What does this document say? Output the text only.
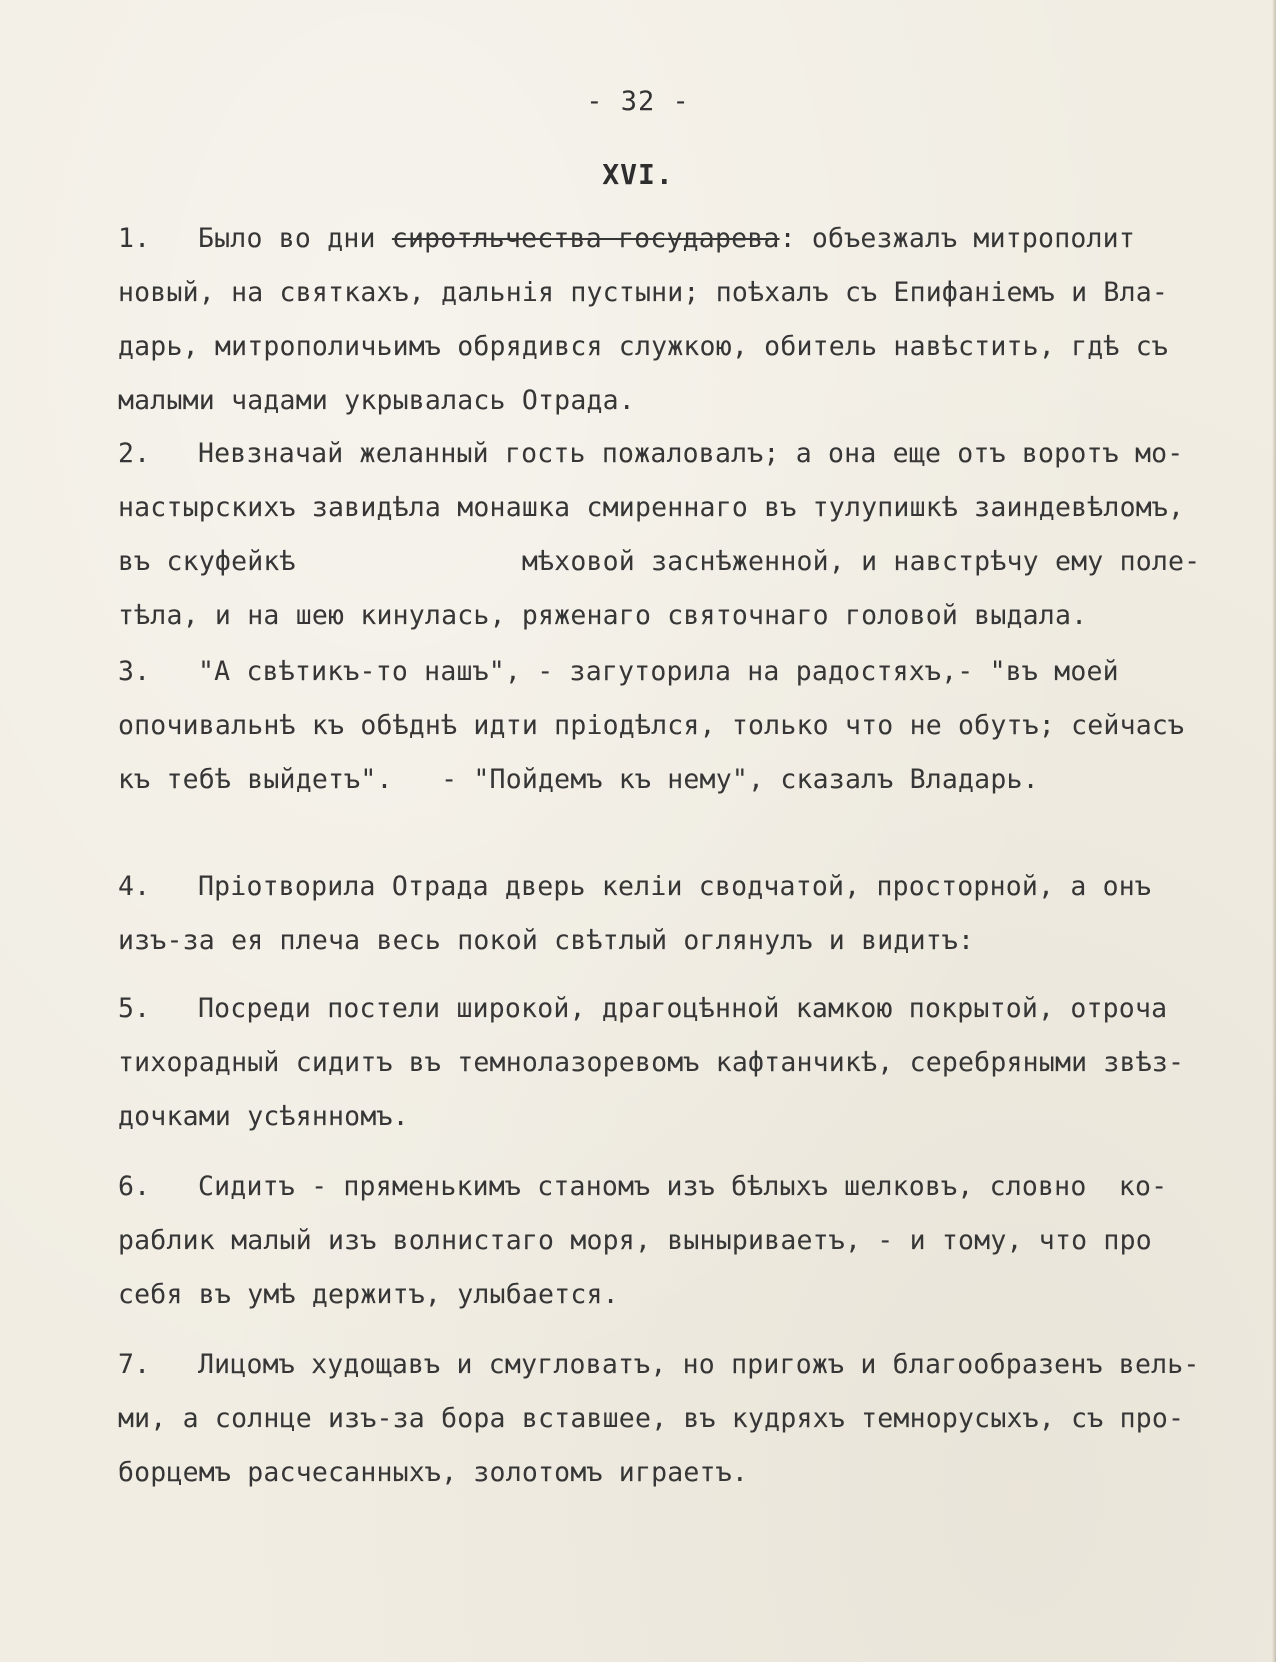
- 32 -

XVI.

1. Было во дни сиротльчества государева: объезжалъ митрополит
новый, на святкахъ, дальнія пустыни; поѣхалъ съ Епифаніемъ и Вла-
дарь, митрополичьимъ обрядився служкою, обитель навѣстить, гдѣ съ
малыми чадами укрывалась Отрада.
2. Невзначай желанный гость пожаловалъ; а она еще отъ воротъ мо-
настырскихъ завидѣла монашка смиреннаго въ тулупишкѣ заиндевѣломъ,
въ скуфейкѣ              мѣховой заснѣженной, и навстрѣчу ему поле-
тѣла, и на шею кинулась, ряженаго святочнаго головой выдала.
3. "А свѣтикъ-то нашъ", - загуторила на радостяхъ,- "въ моей
опочивальнѣ къ обѣднѣ идти пріодѣлся, только что не обутъ; сейчасъ
къ тебѣ выйдетъ".   - "Пойдемъ къ нему", сказалъ Владарь.
4. Пріотворила Отрада дверь келіи сводчатой, просторной, а онъ
изъ-за ея плеча весь покой свѣтлый оглянулъ и видитъ:
5. Посреди постели широкой, драгоцѣнной камкою покрытой, отроча
тихорадный сидитъ въ темнолазоревомъ кафтанчикѣ, серебряными звѣз-
дочками усѣянномъ.
6. Сидитъ - пряменькимъ станомъ изъ бѣлыхъ шелковъ, словно  ко-
раблик малый изъ волнистаго моря, выныриваетъ, - и тому, что про
себя въ умѣ держитъ, улыбается.
7. Лицомъ худощавъ и смугловатъ, но пригожъ и благообразенъ вель-
ми, а солнце изъ-за бора вставшее, въ кудряхъ темнорусыхъ, съ про-
борцемъ расчесанныхъ, золотомъ играетъ.
